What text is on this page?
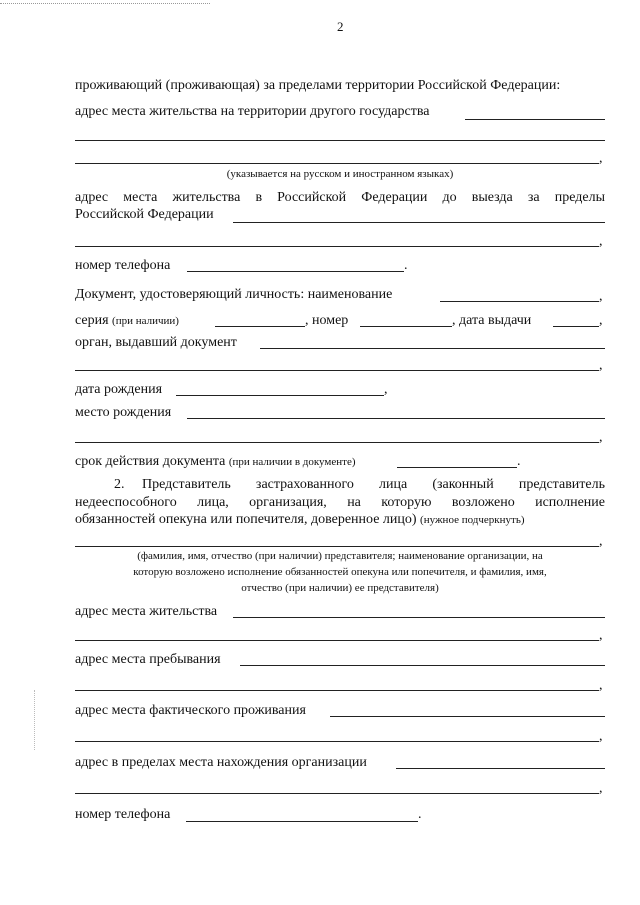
2
проживающий (проживающая) за пределами территории Российской Федерации:
адрес места жительства на территории другого государства
,
(указывается на русском и иностранном языках)
адрес места жительства в Российской Федерации до выезда за пределы
Российской Федерации
,
номер телефона	.
Документ, удостоверяющий личность: наименование	,
серия (при наличии)	, номер	, дата выдачи	,
орган, выдавший документ
,
дата рождения	,
место рождения
,
срок действия документа (при наличии в документе)	.
2. Представитель застрахованного лица (законный представитель
недееспособного лица, организация, на которую возложено исполнение
обязанностей опекуна или попечителя, доверенное лицо) (нужное подчеркнуть)
,
(фамилия, имя, отчество (при наличии) представителя; наименование организации, на
которую возложено исполнение обязанностей опекуна или попечителя, и фамилия, имя,
отчество (при наличии) ее представителя)
адрес места жительства
,
адрес места пребывания
,
адрес места фактического проживания
,
адрес в пределах места нахождения организации
,
номер телефона	.
